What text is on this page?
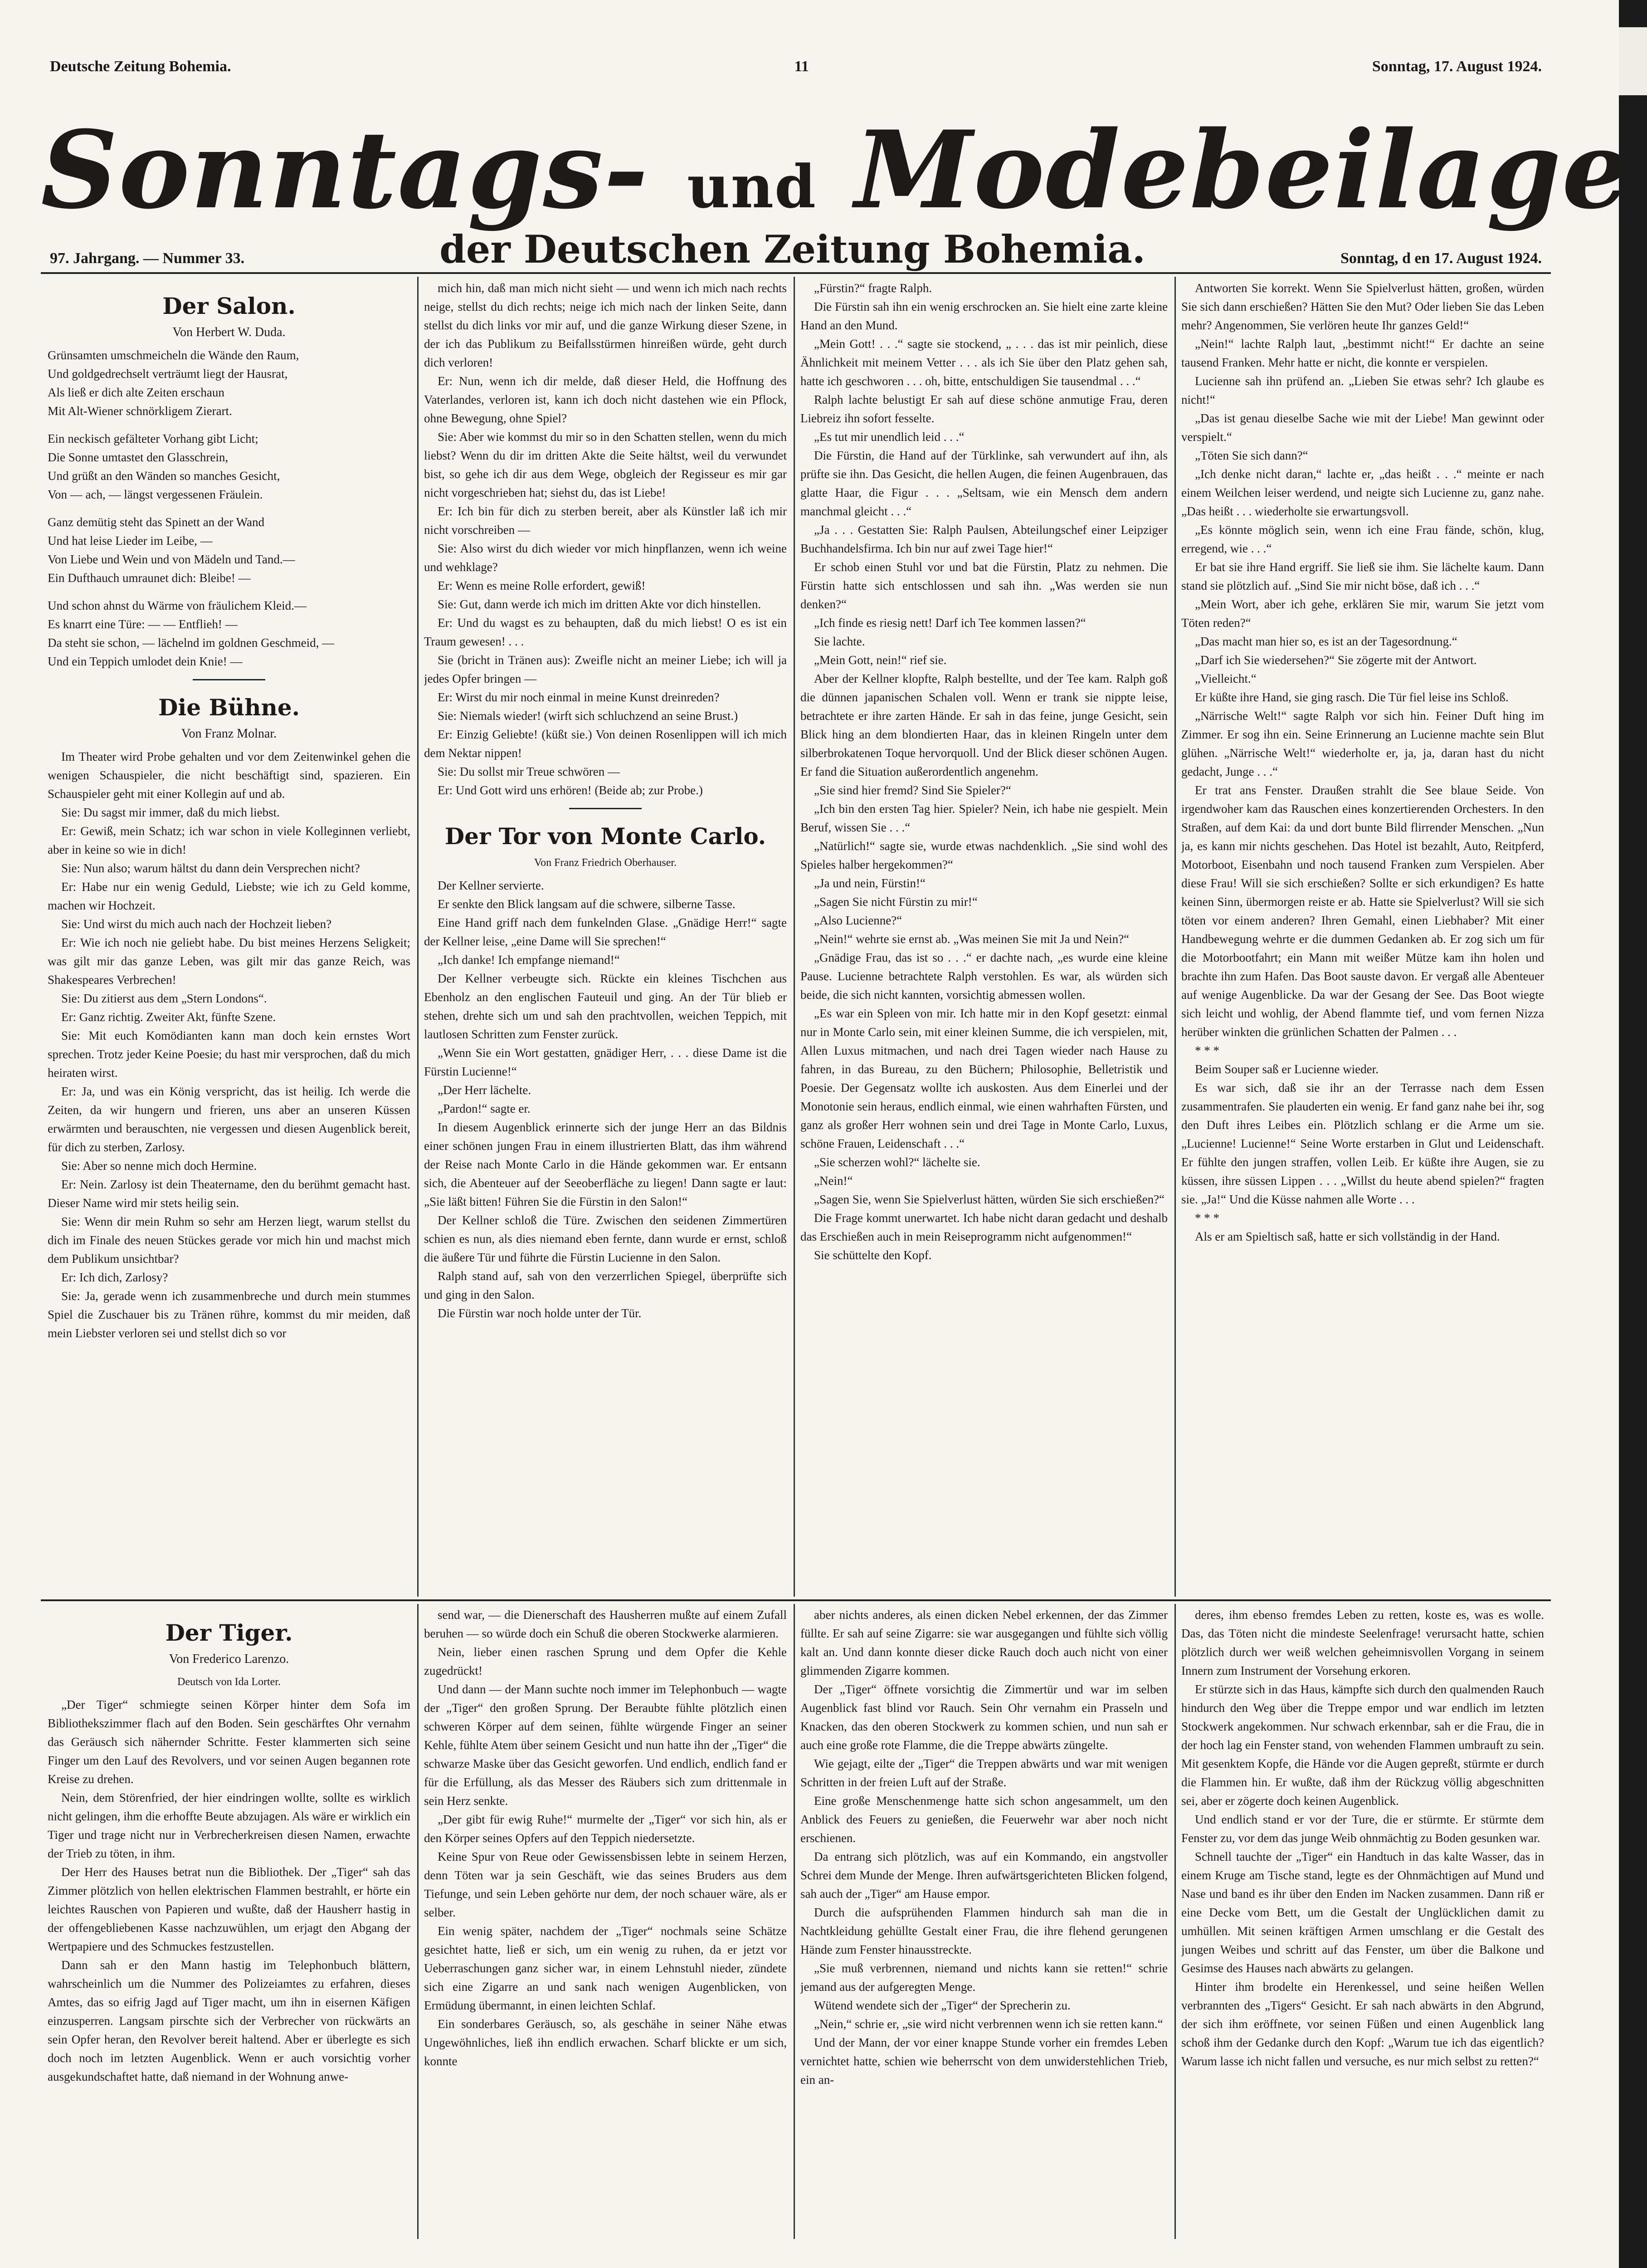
Deutsche Zeitung Bohemia.	11	Sonntag, 17. August 1924.
Sonntags- und Modebeilage
97. Jahrgang. — Nummer 33.	der Deutschen Zeitung Bohemia.	Sonntag, d en 17. August 1924.
Der Salon.
Von Herbert W. Duda.

Grünsamten umschmeicheln die Wände den Raum,

Und goldgedrechselt verträumt liegt der Hausrat,

Als ließ er dich alte Zeiten erschaun

Mit Alt-Wiener schnörkligem Zierart.

Ein neckisch gefälteter Vorhang gibt Licht;

Die Sonne umtastet den Glasschrein,

Und grüßt an den Wänden so manches Gesicht,

Von — ach, — längst vergessenen Fräulein.

Ganz demütig steht das Spinett an der Wand

Und hat leise Lieder im Leibe, —

Von Liebe und Wein und von Mädeln und Tand.—

Ein Dufthauch umraunet dich: Bleibe! —

Und schon ahnst du Wärme von fräulichem Kleid.—

Es knarrt eine Türe: — — Entflieh! —

Da steht sie schon, — lächelnd im goldnen Geschmeid, —

Und ein Teppich umlodet dein Knie! —

Die Bühne.
Von Franz Molnar.

Im Theater wird Probe gehalten und vor dem Zeitenwinkel gehen die wenigen Schauspieler, die nicht beschäftigt sind, spazieren. Ein Schauspieler geht mit einer Kollegin auf und ab.

Sie: Du sagst mir immer, daß du mich liebst.

Er: Gewiß, mein Schatz; ich war schon in viele Kolleginnen verliebt, aber in keine so wie in dich!

Sie: Nun also; warum hältst du dann dein Versprechen nicht?

Er: Habe nur ein wenig Geduld, Liebste; wie ich zu Geld komme, machen wir Hochzeit.

Sie: Und wirst du mich auch nach der Hochzeit lieben?

Er: Wie ich noch nie geliebt habe. Du bist meines Herzens Seligkeit; was gilt mir das ganze Leben, was gilt mir das ganze Reich, was Shakespeares Verbrechen!

Sie: Du zitierst aus dem „Stern Londons“.

Er: Ganz richtig. Zweiter Akt, fünfte Szene.

Sie: Mit euch Komödianten kann man doch kein ernstes Wort sprechen. Trotz jeder Keine Poesie; du hast mir versprochen, daß du mich heiraten wirst.

Er: Ja, und was ein König verspricht, das ist heilig. Ich werde die Zeiten, da wir hungern und frieren, uns aber an unseren Küssen erwärmten und berauschten, nie vergessen und diesen Augenblick bereit, für dich zu sterben, Zarlosy.

Sie: Aber so nenne mich doch Hermine.

Er: Nein. Zarlosy ist dein Theatername, den du berühmt gemacht hast. Dieser Name wird mir stets heilig sein.

Sie: Wenn dir mein Ruhm so sehr am Herzen liegt, warum stellst du dich im Finale des neuen Stückes gerade vor mich hin und machst mich dem Publikum unsichtbar?

Er: Ich dich, Zarlosy?

Sie: Ja, gerade wenn ich zusammenbreche und durch mein stummes Spiel die Zuschauer bis zu Tränen rühre, kommst du mir meiden, daß mein Liebster verloren sei und stellst dich so vor

mich hin, daß man mich nicht sieht — und wenn ich mich nach rechts neige, stellst du dich rechts; neige ich mich nach der linken Seite, dann stellst du dich links vor mir auf, und die ganze Wirkung dieser Szene, in der ich das Publikum zu Beifallsstürmen hinreißen würde, geht durch dich verloren!

Er: Nun, wenn ich dir melde, daß dieser Held, die Hoffnung des Vaterlandes, verloren ist, kann ich doch nicht dastehen wie ein Pflock, ohne Bewegung, ohne Spiel?

Sie: Aber wie kommst du mir so in den Schatten stellen, wenn du mich liebst? Wenn du dir im dritten Akte die Seite hältst, weil du verwundet bist, so gehe ich dir aus dem Wege, obgleich der Regisseur es mir gar nicht vorgeschrieben hat; siehst du, das ist Liebe!

Er: Ich bin für dich zu sterben bereit, aber als Künstler laß ich mir nicht vorschreiben —

Sie: Also wirst du dich wieder vor mich hinpflanzen, wenn ich weine und wehklage?

Er: Wenn es meine Rolle erfordert, gewiß!

Sie: Gut, dann werde ich mich im dritten Akte vor dich hinstellen.

Er: Und du wagst es zu behaupten, daß du mich liebst! O es ist ein Traum gewesen! . . .

Sie (bricht in Tränen aus): Zweifle nicht an meiner Liebe; ich will ja jedes Opfer bringen —

Er: Wirst du mir noch einmal in meine Kunst dreinreden?

Sie: Niemals wieder! (wirft sich schluchzend an seine Brust.)

Er: Einzig Geliebte! (küßt sie.) Von deinen Rosenlippen will ich mich dem Nektar nippen!

Sie: Du sollst mir Treue schwören —

Er: Und Gott wird uns erhören! (Beide ab; zur Probe.)

Der Tor von Monte Carlo.
Von Franz Friedrich Oberhauser.

Der Kellner servierte.

Er senkte den Blick langsam auf die schwere, silberne Tasse.

Eine Hand griff nach dem funkelnden Glase. „Gnädige Herr!“ sagte der Kellner leise, „eine Dame will Sie sprechen!“

„Ich danke! Ich empfange niemand!“

Der Kellner verbeugte sich. Rückte ein kleines Tischchen aus Ebenholz an den englischen Fauteuil und ging. An der Tür blieb er stehen, drehte sich um und sah den prachtvollen, weichen Teppich, mit lautlosen Schritten zum Fenster zurück.

„Wenn Sie ein Wort gestatten, gnädiger Herr, . . . diese Dame ist die Fürstin Lucienne!“

„Der Herr lächelte.

„Pardon!“ sagte er.

In diesem Augenblick erinnerte sich der junge Herr an das Bildnis einer schönen jungen Frau in einem illustrierten Blatt, das ihm während der Reise nach Monte Carlo in die Hände gekommen war. Er entsann sich, die Abenteuer auf der Seeoberfläche zu liegen! Dann sagte er laut: „Sie läßt bitten! Führen Sie die Fürstin in den Salon!“

Der Kellner schloß die Türe. Zwischen den seidenen Zimmertüren schien es nun, als dies niemand eben fernte, dann wurde er ernst, schloß die äußere Tür und führte die Fürstin Lucienne in den Salon.

Ralph stand auf, sah von den verzerrlichen Spiegel, überprüfte sich und ging in den Salon.

Die Fürstin war noch holde unter der Tür.

„Fürstin?“ fragte Ralph.

Die Fürstin sah ihn ein wenig erschrocken an. Sie hielt eine zarte kleine Hand an den Mund.

„Mein Gott! . . .“ sagte sie stockend, „ . . . das ist mir peinlich, diese Ähnlichkeit mit meinem Vetter . . . als ich Sie über den Platz gehen sah, hatte ich geschworen . . . oh, bitte, entschuldigen Sie tausendmal . . .“

Ralph lachte belustigt Er sah auf diese schöne anmutige Frau, deren Liebreiz ihn sofort fesselte.

„Es tut mir unendlich leid . . .“

Die Fürstin, die Hand auf der Türklinke, sah verwundert auf ihn, als prüfte sie ihn. Das Gesicht, die hellen Augen, die feinen Augenbrauen, das glatte Haar, die Figur . . . „Seltsam, wie ein Mensch dem andern manchmal gleicht . . .“

„Ja . . . Gestatten Sie: Ralph Paulsen, Abteilungschef einer Leipziger Buchhandelsfirma. Ich bin nur auf zwei Tage hier!“

Er schob einen Stuhl vor und bat die Fürstin, Platz zu nehmen. Die Fürstin hatte sich entschlossen und sah ihn. „Was werden sie nun denken?“

„Ich finde es riesig nett! Darf ich Tee kommen lassen?“

Sie lachte.

„Mein Gott, nein!“ rief sie.

Aber der Kellner klopfte, Ralph bestellte, und der Tee kam. Ralph goß die dünnen japanischen Schalen voll. Wenn er trank sie nippte leise, betrachtete er ihre zarten Hände. Er sah in das feine, junge Gesicht, sein Blick hing an dem blondierten Haar, das in kleinen Ringeln unter dem silberbrokatenen Toque hervorquoll. Und der Blick dieser schönen Augen. Er fand die Situation außerordentlich angenehm.

„Sie sind hier fremd? Sind Sie Spieler?“

„Ich bin den ersten Tag hier. Spieler? Nein, ich habe nie gespielt. Mein Beruf, wissen Sie . . .“

„Natürlich!“ sagte sie, wurde etwas nachdenklich. „Sie sind wohl des Spieles halber hergekommen?“

„Ja und nein, Fürstin!“

„Sagen Sie nicht Fürstin zu mir!“

„Also Lucienne?“

„Nein!“ wehrte sie ernst ab. „Was meinen Sie mit Ja und Nein?“

„Gnädige Frau, das ist so . . .“ er dachte nach, „es wurde eine kleine Pause. Lucienne betrachtete Ralph verstohlen. Es war, als würden sich beide, die sich nicht kannten, vorsichtig abmessen wollen.

„Es war ein Spleen von mir. Ich hatte mir in den Kopf gesetzt: einmal nur in Monte Carlo sein, mit einer kleinen Summe, die ich verspielen, mit, Allen Luxus mitmachen, und nach drei Tagen wieder nach Hause zu fahren, in das Bureau, zu den Büchern; Philosophie, Belletristik und Poesie. Der Gegensatz wollte ich auskosten. Aus dem Einerlei und der Monotonie sein heraus, endlich einmal, wie einen wahrhaften Fürsten, und ganz als großer Herr wohnen sein und drei Tage in Monte Carlo, Luxus, schöne Frauen, Leidenschaft . . .“

„Sie scherzen wohl?“ lächelte sie.

„Nein!“

„Sagen Sie, wenn Sie Spielverlust hätten, würden Sie sich erschießen?“

Die Frage kommt unerwartet. Ich habe nicht daran gedacht und deshalb das Erschießen auch in mein Reiseprogramm nicht aufgenommen!“

Sie schüttelte den Kopf.

Antworten Sie korrekt. Wenn Sie Spielverlust hätten, großen, würden Sie sich dann erschießen? Hätten Sie den Mut? Oder lieben Sie das Leben mehr? Angenommen, Sie verlören heute Ihr ganzes Geld!“

„Nein!“ lachte Ralph laut, „bestimmt nicht!“ Er dachte an seine tausend Franken. Mehr hatte er nicht, die konnte er verspielen.

Lucienne sah ihn prüfend an. „Lieben Sie etwas sehr? Ich glaube es nicht!“

„Das ist genau dieselbe Sache wie mit der Liebe! Man gewinnt oder verspielt.“

„Töten Sie sich dann?“

„Ich denke nicht daran,“ lachte er, „das heißt . . .“ meinte er nach einem Weilchen leiser werdend, und neigte sich Lucienne zu, ganz nahe. „Das heißt . . . wiederholte sie erwartungsvoll.

„Es könnte möglich sein, wenn ich eine Frau fände, schön, klug, erregend, wie . . .“

Er bat sie ihre Hand ergriff. Sie ließ sie ihm. Sie lächelte kaum. Dann stand sie plötzlich auf. „Sind Sie mir nicht böse, daß ich . . .“

„Mein Wort, aber ich gehe, erklären Sie mir, warum Sie jetzt vom Töten reden?“

„Das macht man hier so, es ist an der Tagesordnung.“

„Darf ich Sie wiedersehen?“ Sie zögerte mit der Antwort.

„Vielleicht.“

Er küßte ihre Hand, sie ging rasch. Die Tür fiel leise ins Schloß.

„Närrische Welt!“ sagte Ralph vor sich hin. Feiner Duft hing im Zimmer. Er sog ihn ein. Seine Erinnerung an Lucienne machte sein Blut glühen. „Närrische Welt!“ wiederholte er, ja, ja, daran hast du nicht gedacht, Junge . . .“

Er trat ans Fenster. Draußen strahlt die See blaue Seide. Von irgendwoher kam das Rauschen eines konzertierenden Orchesters. In den Straßen, auf dem Kai: da und dort bunte Bild flirrender Menschen. „Nun ja, es kann mir nichts geschehen. Das Hotel ist bezahlt, Auto, Reitpferd, Motorboot, Eisenbahn und noch tausend Franken zum Verspielen. Aber diese Frau! Will sie sich erschießen? Sollte er sich erkundigen? Es hatte keinen Sinn, übermorgen reiste er ab. Hatte sie Spielverlust? Will sie sich töten vor einem anderen? Ihren Gemahl, einen Liebhaber? Mit einer Handbewegung wehrte er die dummen Gedanken ab. Er zog sich um für die Motorbootfahrt; ein Mann mit weißer Mütze kam ihn holen und brachte ihn zum Hafen. Das Boot sauste davon. Er vergaß alle Abenteuer auf wenige Augenblicke. Da war der Gesang der See. Das Boot wiegte sich leicht und wohlig, der Abend flammte tief, und vom fernen Nizza herüber winkten die grünlichen Schatten der Palmen . . .

* * *

Beim Souper saß er Lucienne wieder.

Es war sich, daß sie ihr an der Terrasse nach dem Essen zusammentrafen. Sie plauderten ein wenig. Er fand ganz nahe bei ihr, sog den Duft ihres Leibes ein. Plötzlich schlang er die Arme um sie. „Lucienne! Lucienne!“ Seine Worte erstarben in Glut und Leidenschaft. Er fühlte den jungen straffen, vollen Leib. Er küßte ihre Augen, sie zu küssen, ihre süssen Lippen . . . „Willst du heute abend spielen?“ fragten sie. „Ja!“ Und die Küsse nahmen alle Worte . . .

* * *

Als er am Spieltisch saß, hatte er sich vollständig in der Hand.

Der Tiger.
Von Frederico Larenzo.
Deutsch von Ida Lorter.

„Der Tiger“ schmiegte seinen Körper hinter dem Sofa im Bibliothekszimmer flach auf den Boden. Sein geschärftes Ohr vernahm das Geräusch sich nähernder Schritte. Fester klammerten sich seine Finger um den Lauf des Revolvers, und vor seinen Augen begannen rote Kreise zu drehen.

Nein, dem Störenfried, der hier eindringen wollte, sollte es wirklich nicht gelingen, ihm die erhoffte Beute abzujagen. Als wäre er wirklich ein Tiger und trage nicht nur in Verbrecherkreisen diesen Namen, erwachte der Trieb zu töten, in ihm.

Der Herr des Hauses betrat nun die Bibliothek. Der „Tiger“ sah das Zimmer plötzlich von hellen elektrischen Flammen bestrahlt, er hörte ein leichtes Rauschen von Papieren und wußte, daß der Hausherr hastig in der offengebliebenen Kasse nachzuwühlen, um erjagt den Abgang der Wertpapiere und des Schmuckes festzustellen.

Dann sah er den Mann hastig im Telephonbuch blättern, wahrscheinlich um die Nummer des Polizeiamtes zu erfahren, dieses Amtes, das so eifrig Jagd auf Tiger macht, um ihn in eisernen Käfigen einzusperren. Langsam pirschte sich der Verbrecher von rückwärts an sein Opfer heran, den Revolver bereit haltend. Aber er überlegte es sich doch noch im letzten Augenblick. Wenn er auch vorsichtig vorher ausgekundschaftet hatte, daß niemand in der Wohnung anwe-

send war, — die Dienerschaft des Hausherren mußte auf einem Zufall beruhen — so würde doch ein Schuß die oberen Stockwerke alarmieren.

Nein, lieber einen raschen Sprung und dem Opfer die Kehle zugedrückt!

Und dann — der Mann suchte noch immer im Telephonbuch — wagte der „Tiger“ den großen Sprung. Der Beraubte fühlte plötzlich einen schweren Körper auf dem seinen, fühlte würgende Finger an seiner Kehle, fühlte Atem über seinem Gesicht und nun hatte ihn der „Tiger“ die schwarze Maske über das Gesicht geworfen. Und endlich, endlich fand er für die Erfüllung, als das Messer des Räubers sich zum drittenmale in sein Herz senkte.

„Der gibt für ewig Ruhe!“ murmelte der „Tiger“ vor sich hin, als er den Körper seines Opfers auf den Teppich niedersetzte.

Keine Spur von Reue oder Gewissensbissen lebte in seinem Herzen, denn Töten war ja sein Geschäft, wie das seines Bruders aus dem Tiefunge, und sein Leben gehörte nur dem, der noch schauer wäre, als er selber.

Ein wenig später, nachdem der „Tiger“ nochmals seine Schätze gesichtet hatte, ließ er sich, um ein wenig zu ruhen, da er jetzt vor Ueberraschungen ganz sicher war, in einem Lehnstuhl nieder, zündete sich eine Zigarre an und sank nach wenigen Augenblicken, von Ermüdung übermannt, in einen leichten Schlaf.

Ein sonderbares Geräusch, so, als geschähe in seiner Nähe etwas Ungewöhnliches, ließ ihn endlich erwachen. Scharf blickte er um sich, konnte

aber nichts anderes, als einen dicken Nebel erkennen, der das Zimmer füllte. Er sah auf seine Zigarre: sie war ausgegangen und fühlte sich völlig kalt an. Und dann konnte dieser dicke Rauch doch auch nicht von einer glimmenden Zigarre kommen.

Der „Tiger“ öffnete vorsichtig die Zimmertür und war im selben Augenblick fast blind vor Rauch. Sein Ohr vernahm ein Prasseln und Knacken, das den oberen Stockwerk zu kommen schien, und nun sah er auch eine große rote Flamme, die die Treppe abwärts züngelte.

Wie gejagt, eilte der „Tiger“ die Treppen abwärts und war mit wenigen Schritten in der freien Luft auf der Straße.

Eine große Menschenmenge hatte sich schon angesammelt, um den Anblick des Feuers zu genießen, die Feuerwehr war aber noch nicht erschienen.

Da entrang sich plötzlich, was auf ein Kommando, ein angstvoller Schrei dem Munde der Menge. Ihren aufwärtsgerichteten Blicken folgend, sah auch der „Tiger“ am Hause empor.

Durch die aufsprühenden Flammen hindurch sah man die in Nachtkleidung gehüllte Gestalt einer Frau, die ihre flehend gerungenen Hände zum Fenster hinausstreckte.

„Sie muß verbrennen, niemand und nichts kann sie retten!“ schrie jemand aus der aufgeregten Menge.

Wütend wendete sich der „Tiger“ der Sprecherin zu.

„Nein,“ schrie er, „sie wird nicht verbrennen wenn ich sie retten kann.“

Und der Mann, der vor einer knappe Stunde vorher ein fremdes Leben vernichtet hatte, schien wie beherrscht von dem unwiderstehlichen Trieb, ein an-

deres, ihm ebenso fremdes Leben zu retten, koste es, was es wolle. Das, das Töten nicht die mindeste Seelenfrage! verursacht hatte, schien plötzlich durch wer weiß welchen geheimnisvollen Vorgang in seinem Innern zum Instrument der Vorsehung erkoren.

Er stürzte sich in das Haus, kämpfte sich durch den qualmenden Rauch hindurch den Weg über die Treppe empor und war endlich im letzten Stockwerk angekommen. Nur schwach erkennbar, sah er die Frau, die in der hoch lag ein Fenster stand, von wehenden Flammen umbrauft zu sein. Mit gesenktem Kopfe, die Hände vor die Augen gepreßt, stürmte er durch die Flammen hin. Er wußte, daß ihm der Rückzug völlig abgeschnitten sei, aber er zögerte doch keinen Augenblick.

Und endlich stand er vor der Ture, die er stürmte. Er stürmte dem Fenster zu, vor dem das junge Weib ohnmächtig zu Boden gesunken war.

Schnell tauchte der „Tiger“ ein Handtuch in das kalte Wasser, das in einem Kruge am Tische stand, legte es der Ohnmächtigen auf Mund und Nase und band es ihr über den Enden im Nacken zusammen. Dann riß er eine Decke vom Bett, um die Gestalt der Unglücklichen damit zu umhüllen. Mit seinen kräftigen Armen umschlang er die Gestalt des jungen Weibes und schritt auf das Fenster, um über die Balkone und Gesimse des Hauses nach abwärts zu gelangen.

Hinter ihm brodelte ein Herenkessel, und seine heißen Wellen verbrannten des „Tigers“ Gesicht. Er sah nach abwärts in den Abgrund, der sich ihm eröffnete, vor seinen Füßen und einen Augenblick lang schoß ihm der Gedanke durch den Kopf: „Warum tue ich das eigentlich? Warum lasse ich nicht fallen und versuche, es nur mich selbst zu retten?“
